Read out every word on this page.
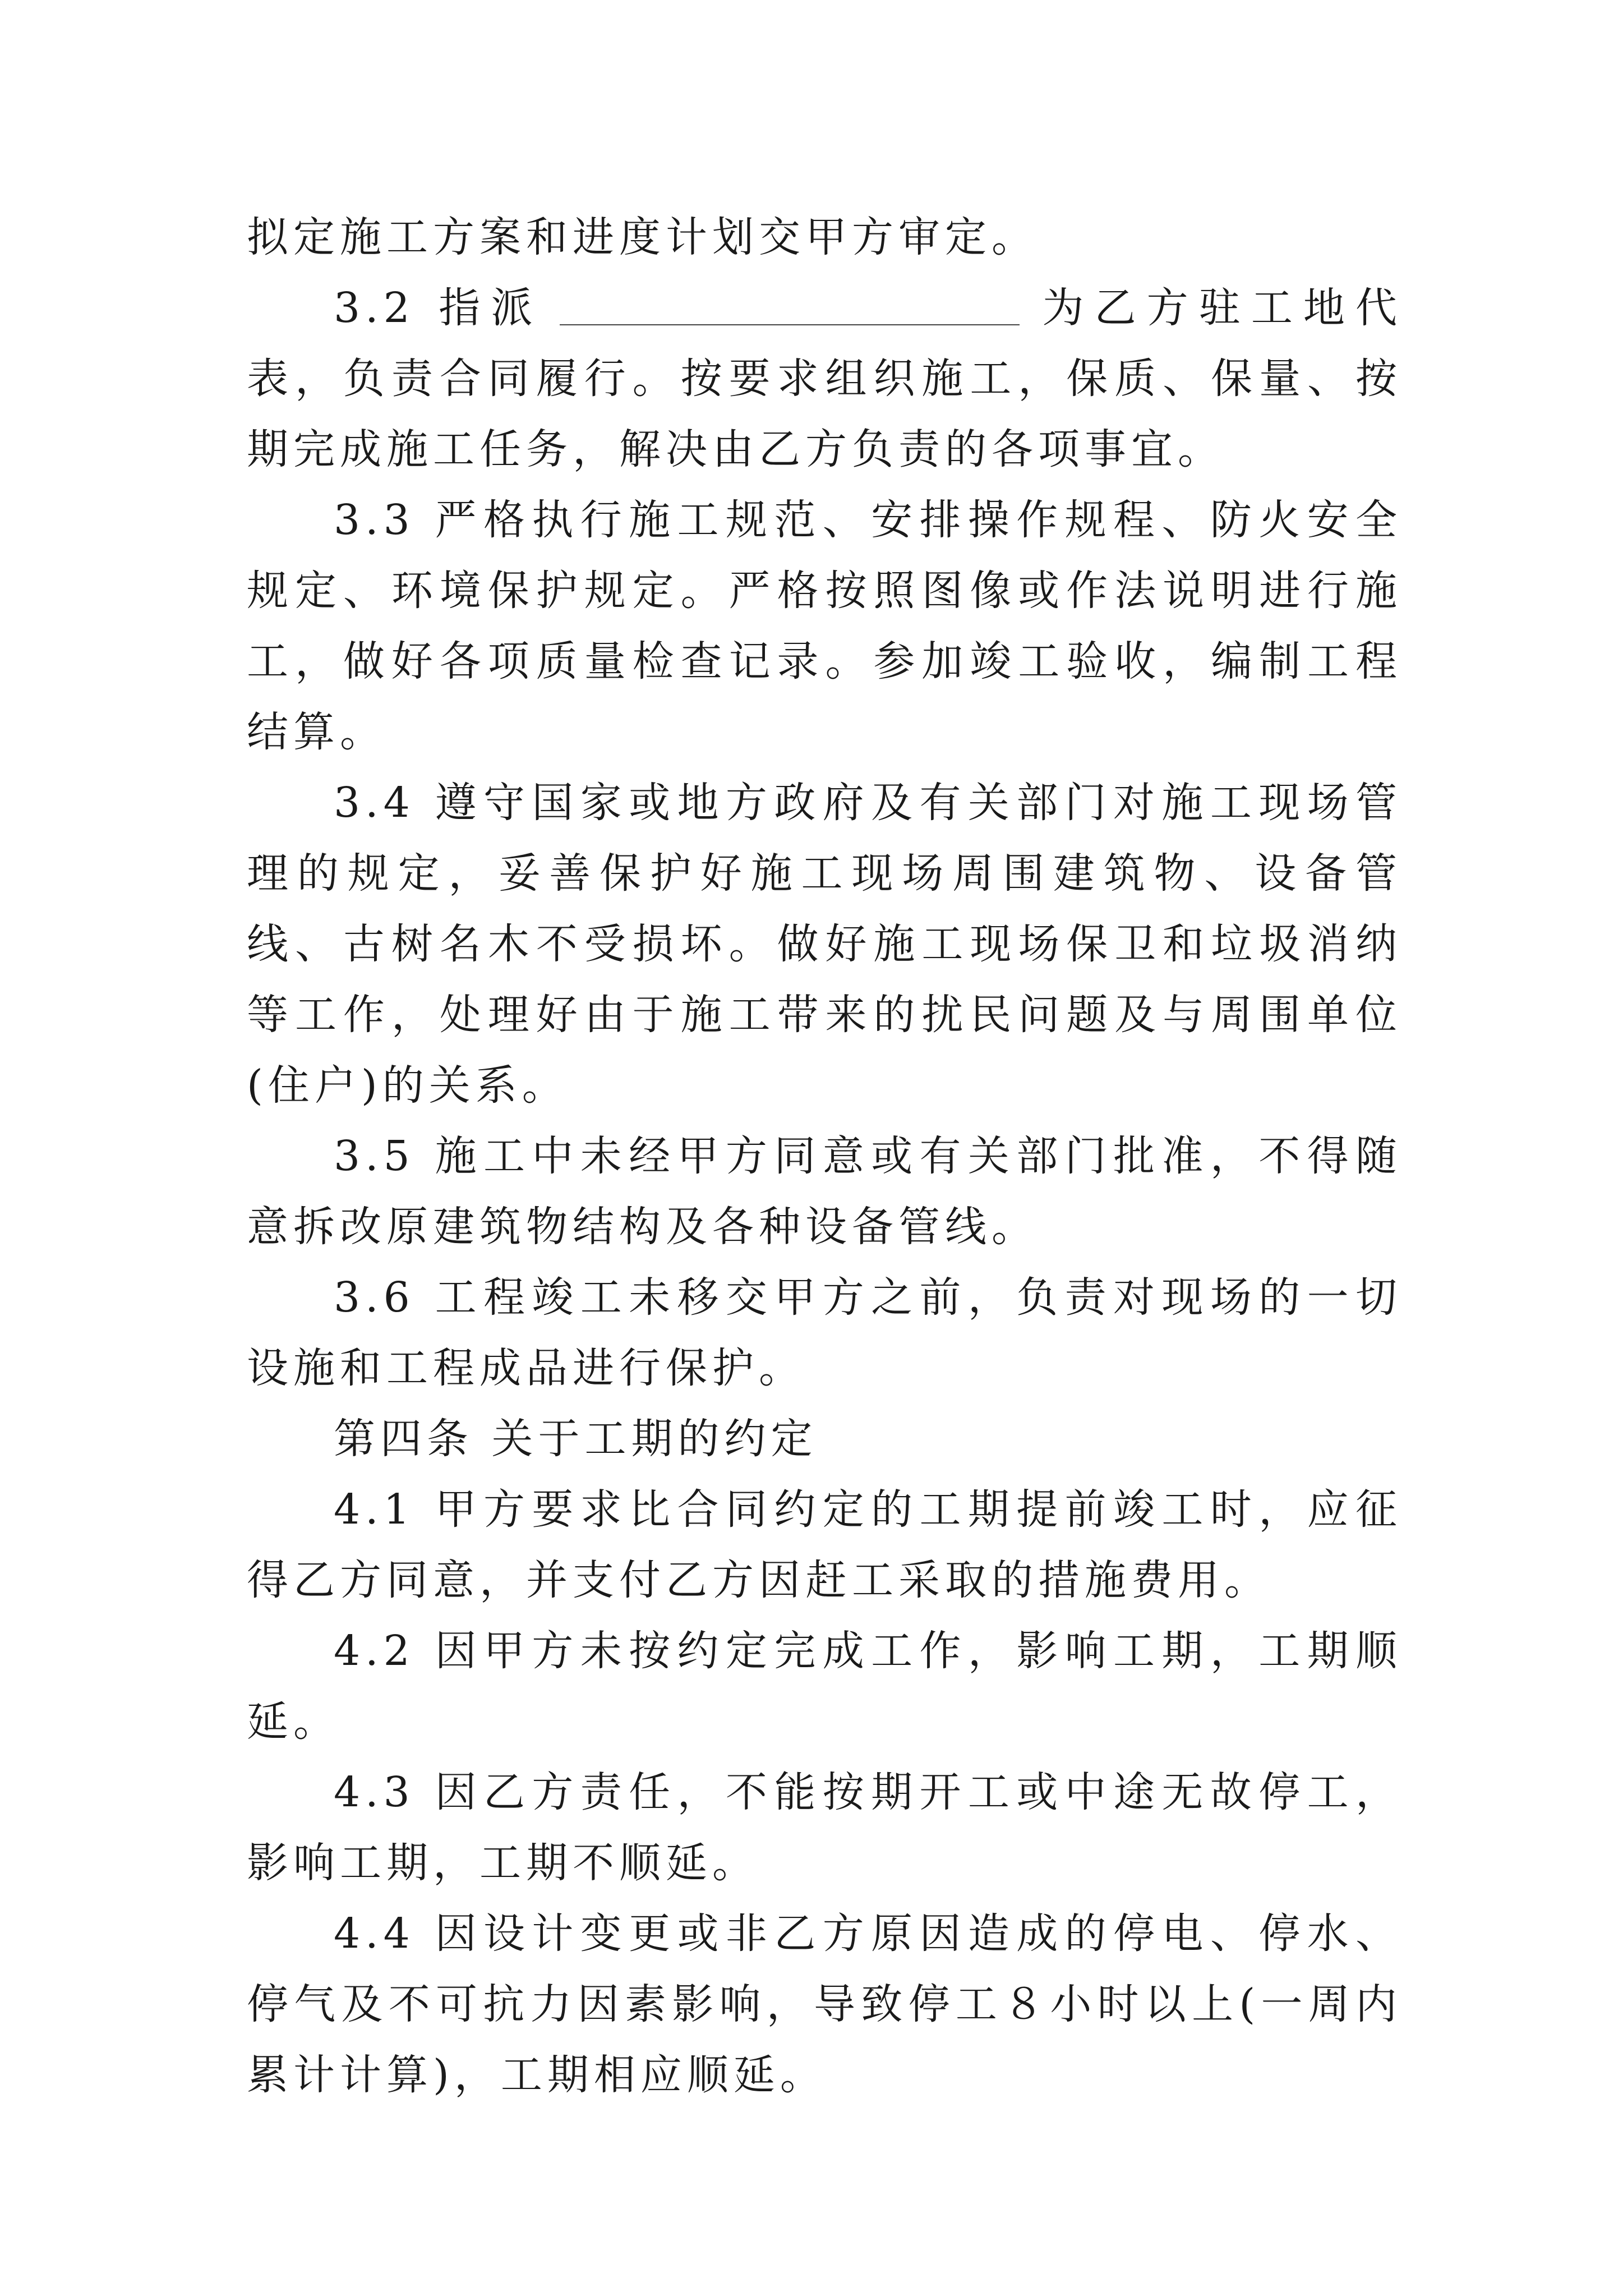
拟定施工方案和进度计划交甲方审定。

3.2 指派	为乙方驻工地代表，负责合同履行。按要求组织施工，保质、保量、按期完成施工任务，解决由乙方负责的各项事宜。

3.3 严格执行施工规范、安排操作规程、防火安全规定、环境保护规定。严格按照图像或作法说明进行施工，做好各项质量检查记录。参加竣工验收，编制工程结算。

3.4 遵守国家或地方政府及有关部门对施工现场管理的规定，妥善保护好施工现场周围建筑物、设备管线、古树名木不受损坏。做好施工现场保卫和垃圾消纳等工作，处理好由于施工带来的扰民问题及与周围单位(住户)的关系。

3.5 施工中未经甲方同意或有关部门批准，不得随意拆改原建筑物结构及各种设备管线。

3.6 工程竣工未移交甲方之前，负责对现场的一切设施和工程成品进行保护。

第四条 关于工期的约定

4.1 甲方要求比合同约定的工期提前竣工时，应征得乙方同意，并支付乙方因赶工采取的措施费用。

4.2 因甲方未按约定完成工作，影响工期，工期顺延。

4.3 因乙方责任，不能按期开工或中途无故停工，影响工期，工期不顺延。

4.4 因设计变更或非乙方原因造成的停电、停水、停气及不可抗力因素影响，导致停工８小时以上(一周内累计计算)，工期相应顺延。
